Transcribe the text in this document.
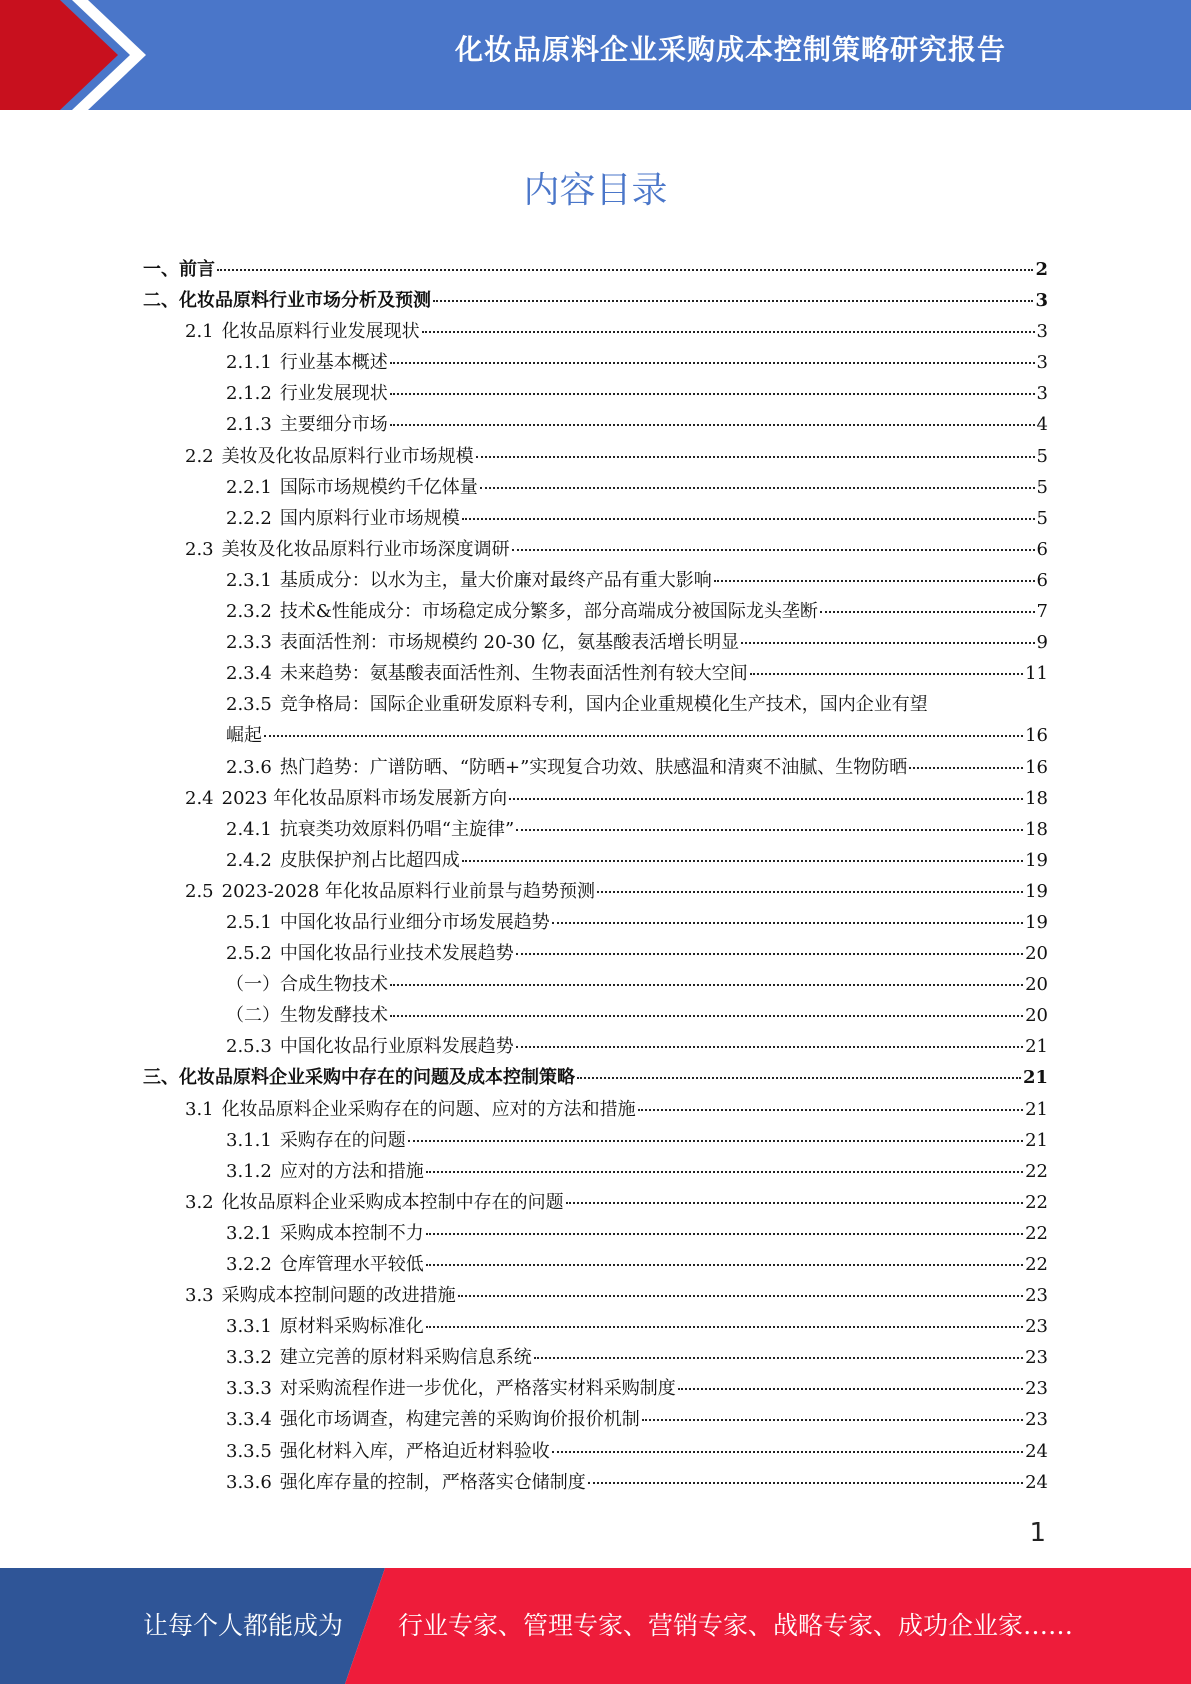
化妆品原料企业采购成本控制策略研究报告
内容目录
一、前言	2
二、化妆品原料行业市场分析及预测	3
2.1 化妆品原料行业发展现状	3
2.1.1 行业基本概述	3
2.1.2 行业发展现状	3
2.1.3 主要细分市场	4
2.2 美妆及化妆品原料行业市场规模	5
2.2.1 国际市场规模约千亿体量	5
2.2.2 国内原料行业市场规模	5
2.3 美妆及化妆品原料行业市场深度调研	6
2.3.1 基质成分：以水为主，量大价廉对最终产品有重大影响	6
2.3.2 技术&性能成分：市场稳定成分繁多，部分高端成分被国际龙头垄断	7
2.3.3 表面活性剂：市场规模约 20-30 亿，氨基酸表活增长明显	9
2.3.4 未来趋势：氨基酸表面活性剂、生物表面活性剂有较大空间	11
2.3.5 竞争格局：国际企业重研发原料专利，国内企业重规模化生产技术，国内企业有望
崛起	16
2.3.6 热门趋势：广谱防晒、“防晒+”实现复合功效、肤感温和清爽不油腻、生物防晒	16
2.4 2023 年化妆品原料市场发展新方向	18
2.4.1 抗衰类功效原料仍唱“主旋律”	18
2.4.2 皮肤保护剂占比超四成	19
2.5 2023-2028 年化妆品原料行业前景与趋势预测	19
2.5.1 中国化妆品行业细分市场发展趋势	19
2.5.2 中国化妆品行业技术发展趋势	20
（一）合成生物技术	20
（二）生物发酵技术	20
2.5.3 中国化妆品行业原料发展趋势	21
三、化妆品原料企业采购中存在的问题及成本控制策略	21
3.1 化妆品原料企业采购存在的问题、应对的方法和措施	21
3.1.1 采购存在的问题	21
3.1.2 应对的方法和措施	22
3.2 化妆品原料企业采购成本控制中存在的问题	22
3.2.1 采购成本控制不力	22
3.2.2 仓库管理水平较低	22
3.3 采购成本控制问题的改进措施	23
3.3.1 原材料采购标准化	23
3.3.2 建立完善的原材料采购信息系统	23
3.3.3 对采购流程作进一步优化，严格落实材料采购制度	23
3.3.4 强化市场调查，构建完善的采购询价报价机制	23
3.3.5 强化材料入库，严格迫近材料验收	24
3.3.6 强化库存量的控制，严格落实仓储制度	24
1
让每个人都能成为 行业专家、管理专家、营销专家、战略专家、成功企业家……
